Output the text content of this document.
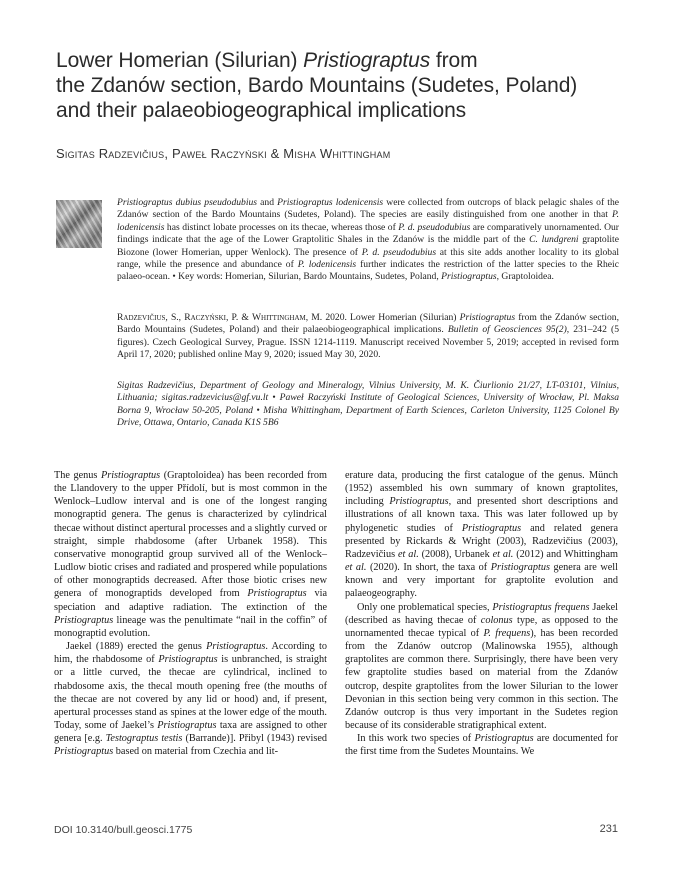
Lower Homerian (Silurian) Pristiograptus from

the Zdanów section, Bardo Mountains (Sudetes, Poland)

and their palaeobiogeographical implications

Sigitas Radzevičius, Paweł Raczyński & Misha Whittingham

Pristiograptus dubius pseudodubius and Pristiograptus lodenicensis were collected from outcrops of black pelagic shales of the Zdanów section of the Bardo Mountains (Sudetes, Poland). The species are easily distinguished from one another in that P. lodenicensis has distinct lobate processes on its thecae, whereas those of P. d. pseudodubius are comparatively unornamented. Our findings indicate that the age of the Lower Graptolitic Shales in the Zdanów is the middle part of the C. lundgreni graptolite Biozone (lower Homerian, upper Wenlock). The presence of P. d. pseudodubius at this site adds another locality to its global range, while the presence and abundance of P. lodenicensis further indicates the restriction of the latter species to the Rheic palaeo-ocean. • Key words: Homerian, Silurian, Bardo Mountains, Sudetes, Poland, Pristiograptus, Graptoloidea.

Radzevičius, S., Raczyński, P. & Whittingham, M. 2020. Lower Homerian (Silurian) Pristiograptus from the Zdanów section, Bardo Mountains (Sudetes, Poland) and their palaeobiogeographical implications. Bulletin of Geosciences 95(2), 231–242 (5 figures). Czech Geological Survey, Prague. ISSN 1214-1119. Manuscript received November 5, 2019; accepted in revised form April 17, 2020; published online May 9, 2020; issued May 30, 2020.

Sigitas Radzevičius, Department of Geology and Mineralogy, Vilnius University, M. K. Čiurlionio 21/27, LT-03101, Vilnius, Lithuania; sigitas.radzevicius@gf.vu.lt • Paweł Raczyński Institute of Geological Sciences, University of Wrocław, Pl. Maksa Borna 9, Wrocław 50-205, Poland • Misha Whittingham, Department of Earth Sciences, Carleton University, 1125 Colonel By Drive, Ottawa, Ontario, Canada K1S 5B6

The genus Pristiograptus (Graptoloidea) has been recorded from the Llandovery to the upper Přídolí, but is most common in the Wenlock–Ludlow interval and is one of the longest ranging monograptid genera. The genus is characterized by cylindrical thecae without distinct apertural processes and a slightly curved or straight, simple rhabdosome (after Urbanek 1958). This conservative monograptid group survived all of the Wenlock–Ludlow biotic crises and radiated and prospered while populations of other monograptids decreased. After those biotic crises new genera of monograptids developed from Pristiograptus via speciation and adaptive radiation. The extinction of the Pristiograptus lineage was the penultimate “nail in the coffin” of monograptid evolution.

Jaekel (1889) erected the genus Pristiograptus. According to him, the rhabdosome of Pristiograptus is unbranched, is straight or a little curved, the thecae are cylindrical, inclined to rhabdosome axis, the thecal mouth opening free (the mouths of the thecae are not covered by any lid or hood) and, if present, apertural processes stand as spines at the lower edge of the mouth. Today, some of Jaekel’s Pristiograptus taxa are assigned to other genera [e.g. Testograptus testis (Barrande)]. Přibyl (1943) revised Pristiograptus based on material from Czechia and lit-

erature data, producing the first catalogue of the genus. Münch (1952) assembled his own summary of known graptolites, including Pristiograptus, and presented short descriptions and illustrations of all known taxa. This was later followed up by phylogenetic studies of Pristiograptus and related genera presented by Rickards & Wright (2003), Radzevičius (2003), Radzevičius et al. (2008), Urbanek et al. (2012) and Whittingham et al. (2020). In short, the taxa of Pristiograptus genera are well known and very important for graptolite evolution and palaeogeography.

Only one problematical species, Pristiograptus frequens Jaekel (described as having thecae of colonus type, as opposed to the unornamented thecae typical of P. frequens), has been recorded from the Zdanów outcrop (Malinowska 1955), although graptolites are common there. Surprisingly, there have been very few graptolite studies based on material from the Zdanów outcrop, despite graptolites from the lower Silurian to the lower Devonian in this section being very common in this section. The Zdanów outcrop is thus very important in the Sudetes region because of its considerable stratigraphical extent.

In this work two species of Pristiograptus are documented for the first time from the Sudetes Mountains. We

DOI 10.3140/bull.geosci.1775	231
